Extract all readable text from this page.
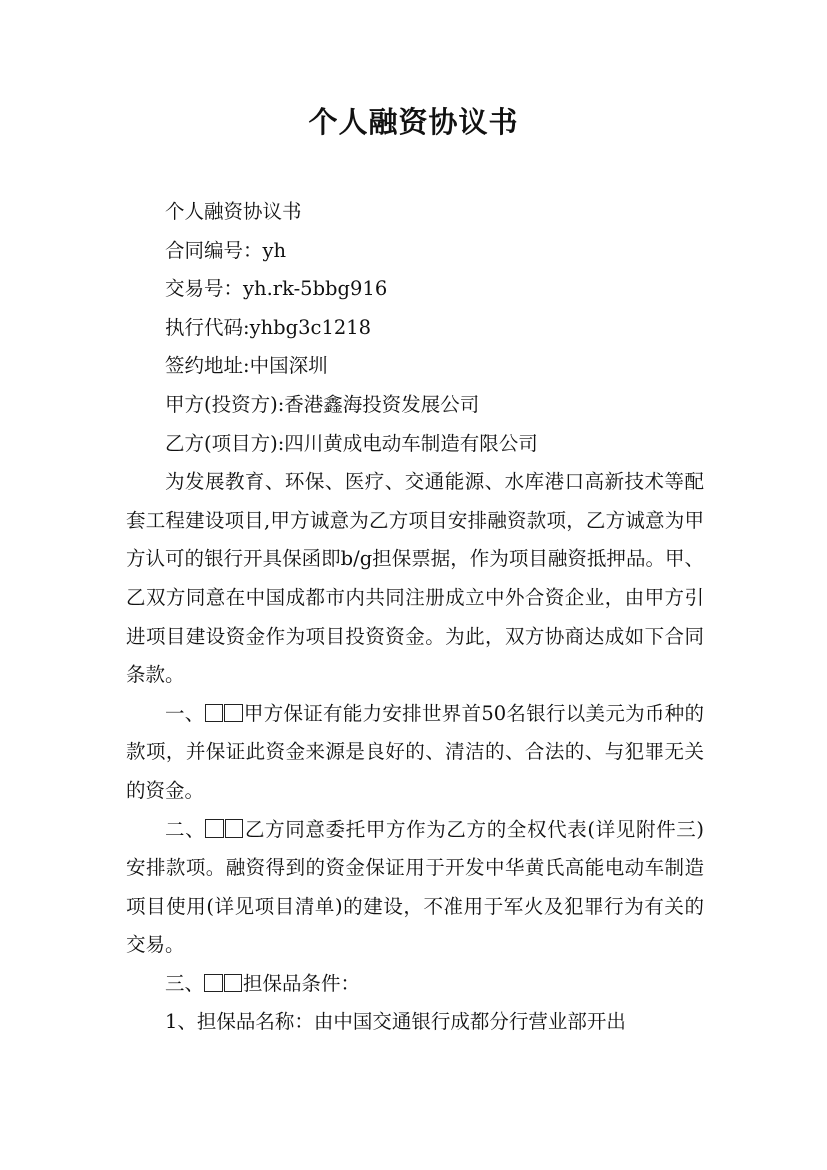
个人融资协议书
个人融资协议书
合同编号：yh
交易号：yh.rk-5bbg916
执行代码:yhbg3c1218
签约地址:中国深圳
甲方(投资方):香港鑫海投资发展公司
乙方(项目方):四川黄成电动车制造有限公司
为发展教育、环保、医疗、交通能源、水库港口高新技术等配套工程建设项目,甲方诚意为乙方项目安排融资款项，乙方诚意为甲方认可的银行开具保函即b/g担保票据，作为项目融资抵押品。甲、乙双方同意在中国成都市内共同注册成立中外合资企业，由甲方引进项目建设资金作为项目投资资金。为此，双方协商达成如下合同条款。
一、 甲方保证有能力安排世界首50名银行以美元为币种的款项，并保证此资金来源是良好的、清洁的、合法的、与犯罪无关的资金。
二、 乙方同意委托甲方作为乙方的全权代表(详见附件三)安排款项。融资得到的资金保证用于开发中华黄氏高能电动车制造项目使用(详见项目清单)的建设，不准用于军火及犯罪行为有关的交易。
三、 担保品条件：
1、担保品名称：由中国交通银行成都分行营业部开出
